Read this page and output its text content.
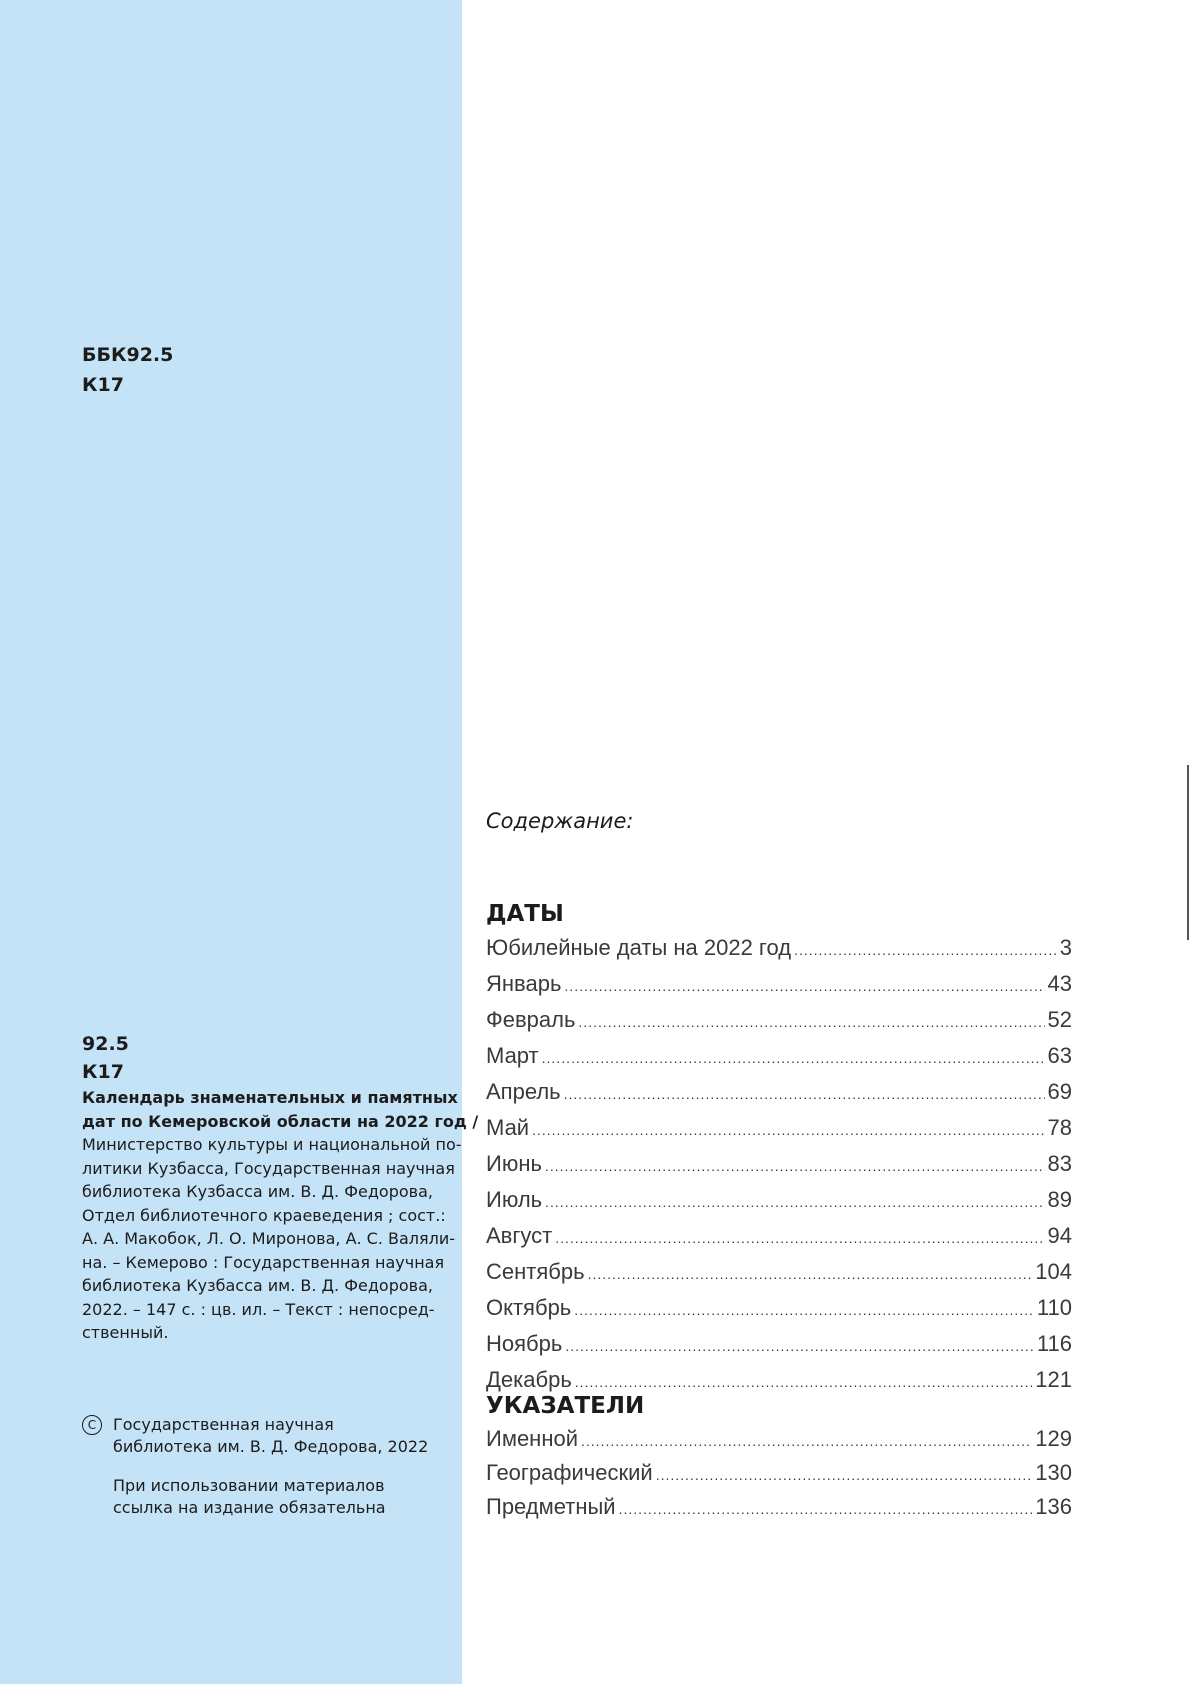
ББК92.5
К17
92.5
К17
Календарь знаменательных и памятных
дат по Кемеровской области на 2022 год /
Министерство культуры и национальной по-
литики Кузбасса, Государственная научная
библиотека Кузбасса им. В. Д. Федорова,
Отдел библиотечного краеведения ; сост.:
А. А. Макобок, Л. О. Миронова, А. С. Валяли-
на. – Кемерово : Государственная научная
библиотека Кузбасса им. В. Д. Федорова,
2022. – 147 с. : цв. ил. – Текст : непосред-
ственный.
C	Государственная научная
библиотека им. В. Д. Федорова, 2022
При использовании материалов
ссылка на издание обязательна
Содержание:
ДАТЫ
Юбилейные даты на 2022 год .....	3
Январь .....	43
Февраль .....	52
Март .....	63
Апрель .....	69
Май .....	78
Июнь .....	83
Июль .....	89
Август .....	94
Сентябрь .....	104
Октябрь .....	110
Ноябрь .....	116
Декабрь .....	121
УКАЗАТЕЛИ
Именной .....	129
Географический .....	130
Предметный .....	136
